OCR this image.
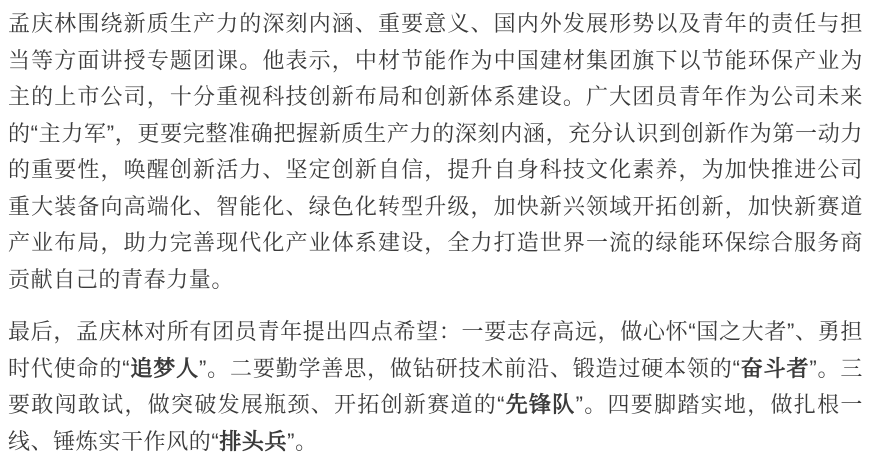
孟庆林围绕新质生产力的深刻内涵、重要意义、国内外发展形势以及青年的责任与担当等方面讲授专题团课。他表示，中材节能作为中国建材集团旗下以节能环保产业为主的上市公司，十分重视科技创新布局和创新体系建设。广大团员青年作为公司未来的“主力军”，更要完整准确把握新质生产力的深刻内涵，充分认识到创新作为第一动力的重要性，唤醒创新活力、坚定创新自信，提升自身科技文化素养，为加快推进公司重大装备向高端化、智能化、绿色化转型升级，加快新兴领域开拓创新，加快新赛道产业布局，助力完善现代化产业体系建设，全力打造世界一流的绿能环保综合服务商贡献自己的青春力量。

最后，孟庆林对所有团员青年提出四点希望：一要志存高远，做心怀“国之大者”、勇担时代使命的“追梦人”。二要勤学善思，做钻研技术前沿、锻造过硬本领的“奋斗者”。三要敢闯敢试，做突破发展瓶颈、开拓创新赛道的“先锋队”。四要脚踏实地，做扎根一线、锤炼实干作风的“排头兵”。
